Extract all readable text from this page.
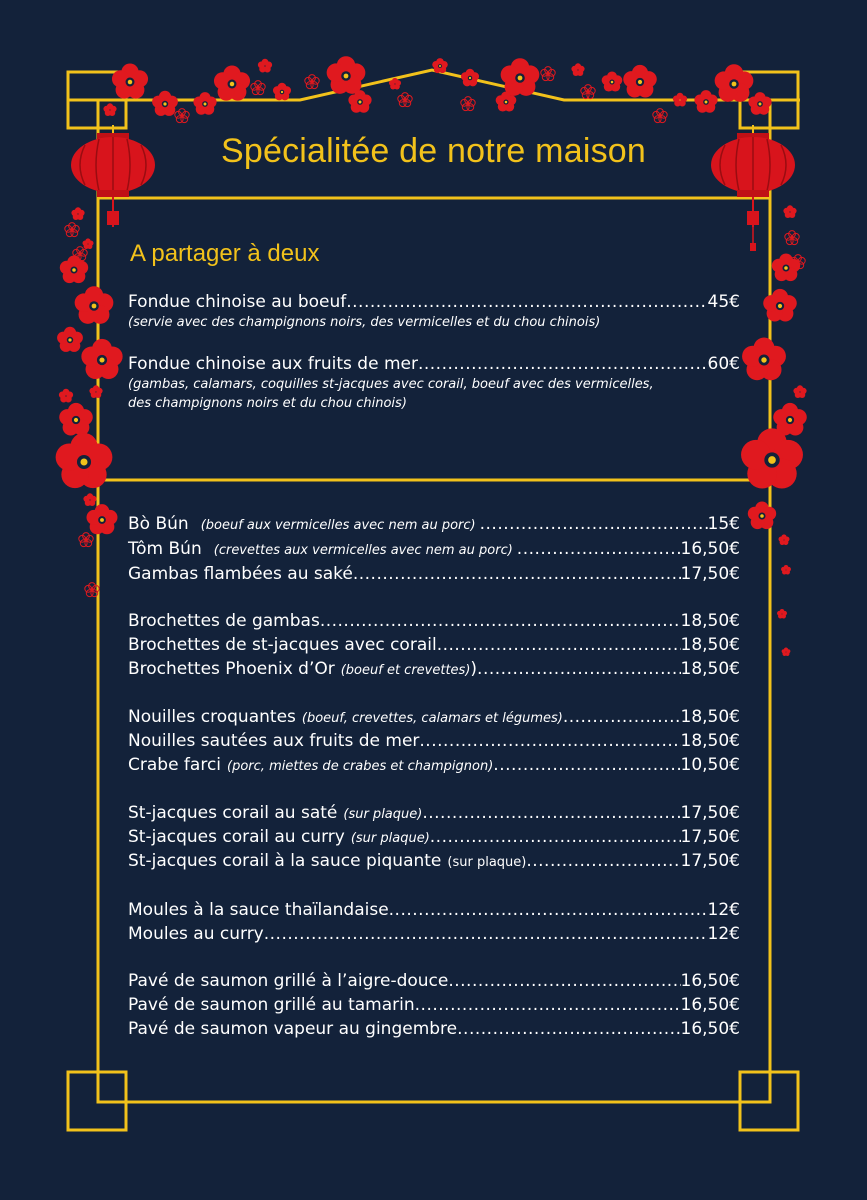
Spécialitée de notre maison
A partager à deux
Fondue chinoise au boeuf .....	45€
(servie avec des champignons noirs, des vermicelles et du chou chinois)
Fondue chinoise aux fruits de mer .....	60€
(gambas, calamars, coquilles st-jacques avec corail, boeuf avec des vermicelles,
des champignons noirs et du chou chinois)
Bò Bún (boeuf aux vermicelles avec nem au porc) .....	15€
Tôm Bún (crevettes aux vermicelles avec nem au porc) .....	16,50€
Gambas flambées au saké .....	17,50€
Brochettes de gambas .....	18,50€
Brochettes de st-jacques avec corail .....	18,50€
Brochettes Phoenix d’Or (boeuf et crevettes) ) .....	18,50€
Nouilles croquantes (boeuf, crevettes, calamars et légumes) .....	18,50€
Nouilles sautées aux fruits de mer .....	18,50€
Crabe farci (porc, miettes de crabes et champignon) .....	10,50€
St-jacques corail au saté (sur plaque) .....	17,50€
St-jacques corail au curry (sur plaque) .....	17,50€
St-jacques corail à la sauce piquante (sur plaque) .....	17,50€
Moules à la sauce thaïlandaise .....	12€
Moules au curry .....	12€
Pavé de saumon grillé à l’aigre-douce .....	16,50€
Pavé de saumon grillé au tamarin .....	16,50€
Pavé de saumon vapeur au gingembre .....	16,50€
